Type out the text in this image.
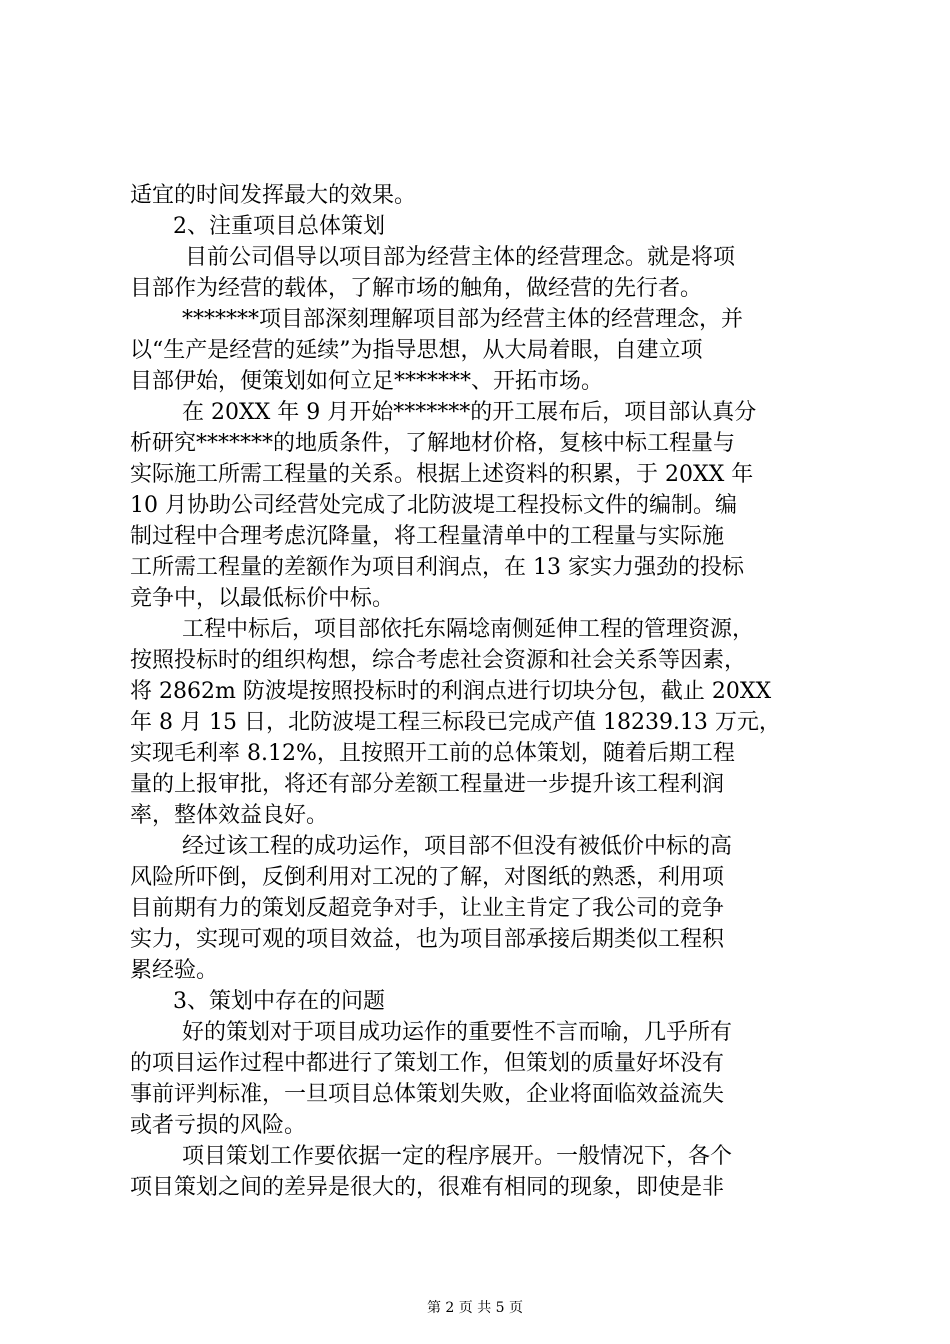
适宜的时间发挥最大的效果。
2、注重项目总体策划
目前公司倡导以项目部为经营主体的经营理念。就是将项
目部作为经营的载体，了解市场的触角，做经营的先行者。
*******项目部深刻理解项目部为经营主体的经营理念，并
以“生产是经营的延续”为指导思想，从大局着眼，自建立项
目部伊始，便策划如何立足*******、开拓市场。
在 20XX 年 9 月开始*******的开工展布后，项目部认真分
析研究*******的地质条件，了解地材价格，复核中标工程量与
实际施工所需工程量的关系。根据上述资料的积累，于 20XX 年
10 月协助公司经营处完成了北防波堤工程投标文件的编制。编
制过程中合理考虑沉降量，将工程量清单中的工程量与实际施
工所需工程量的差额作为项目利润点，在 13 家实力强劲的投标
竞争中，以最低标价中标。
工程中标后，项目部依托东隔埝南侧延伸工程的管理资源，
按照投标时的组织构想，综合考虑社会资源和社会关系等因素，
将 2862m 防波堤按照投标时的利润点进行切块分包，截止 20XX
年 8 月 15 日，北防波堤工程三标段已完成产值 18239.13 万元，
实现毛利率 8.12%，且按照开工前的总体策划，随着后期工程
量的上报审批，将还有部分差额工程量进一步提升该工程利润
率，整体效益良好。
经过该工程的成功运作，项目部不但没有被低价中标的高
风险所吓倒，反倒利用对工况的了解，对图纸的熟悉，利用项
目前期有力的策划反超竞争对手，让业主肯定了我公司的竞争
实力，实现可观的项目效益，也为项目部承接后期类似工程积
累经验。
3、策划中存在的问题
好的策划对于项目成功运作的重要性不言而喻，几乎所有
的项目运作过程中都进行了策划工作，但策划的质量好坏没有
事前评判标准，一旦项目总体策划失败，企业将面临效益流失
或者亏损的风险。
项目策划工作要依据一定的程序展开。一般情况下，各个
项目策划之间的差异是很大的，很难有相同的现象，即使是非
第 2 页 共 5 页
